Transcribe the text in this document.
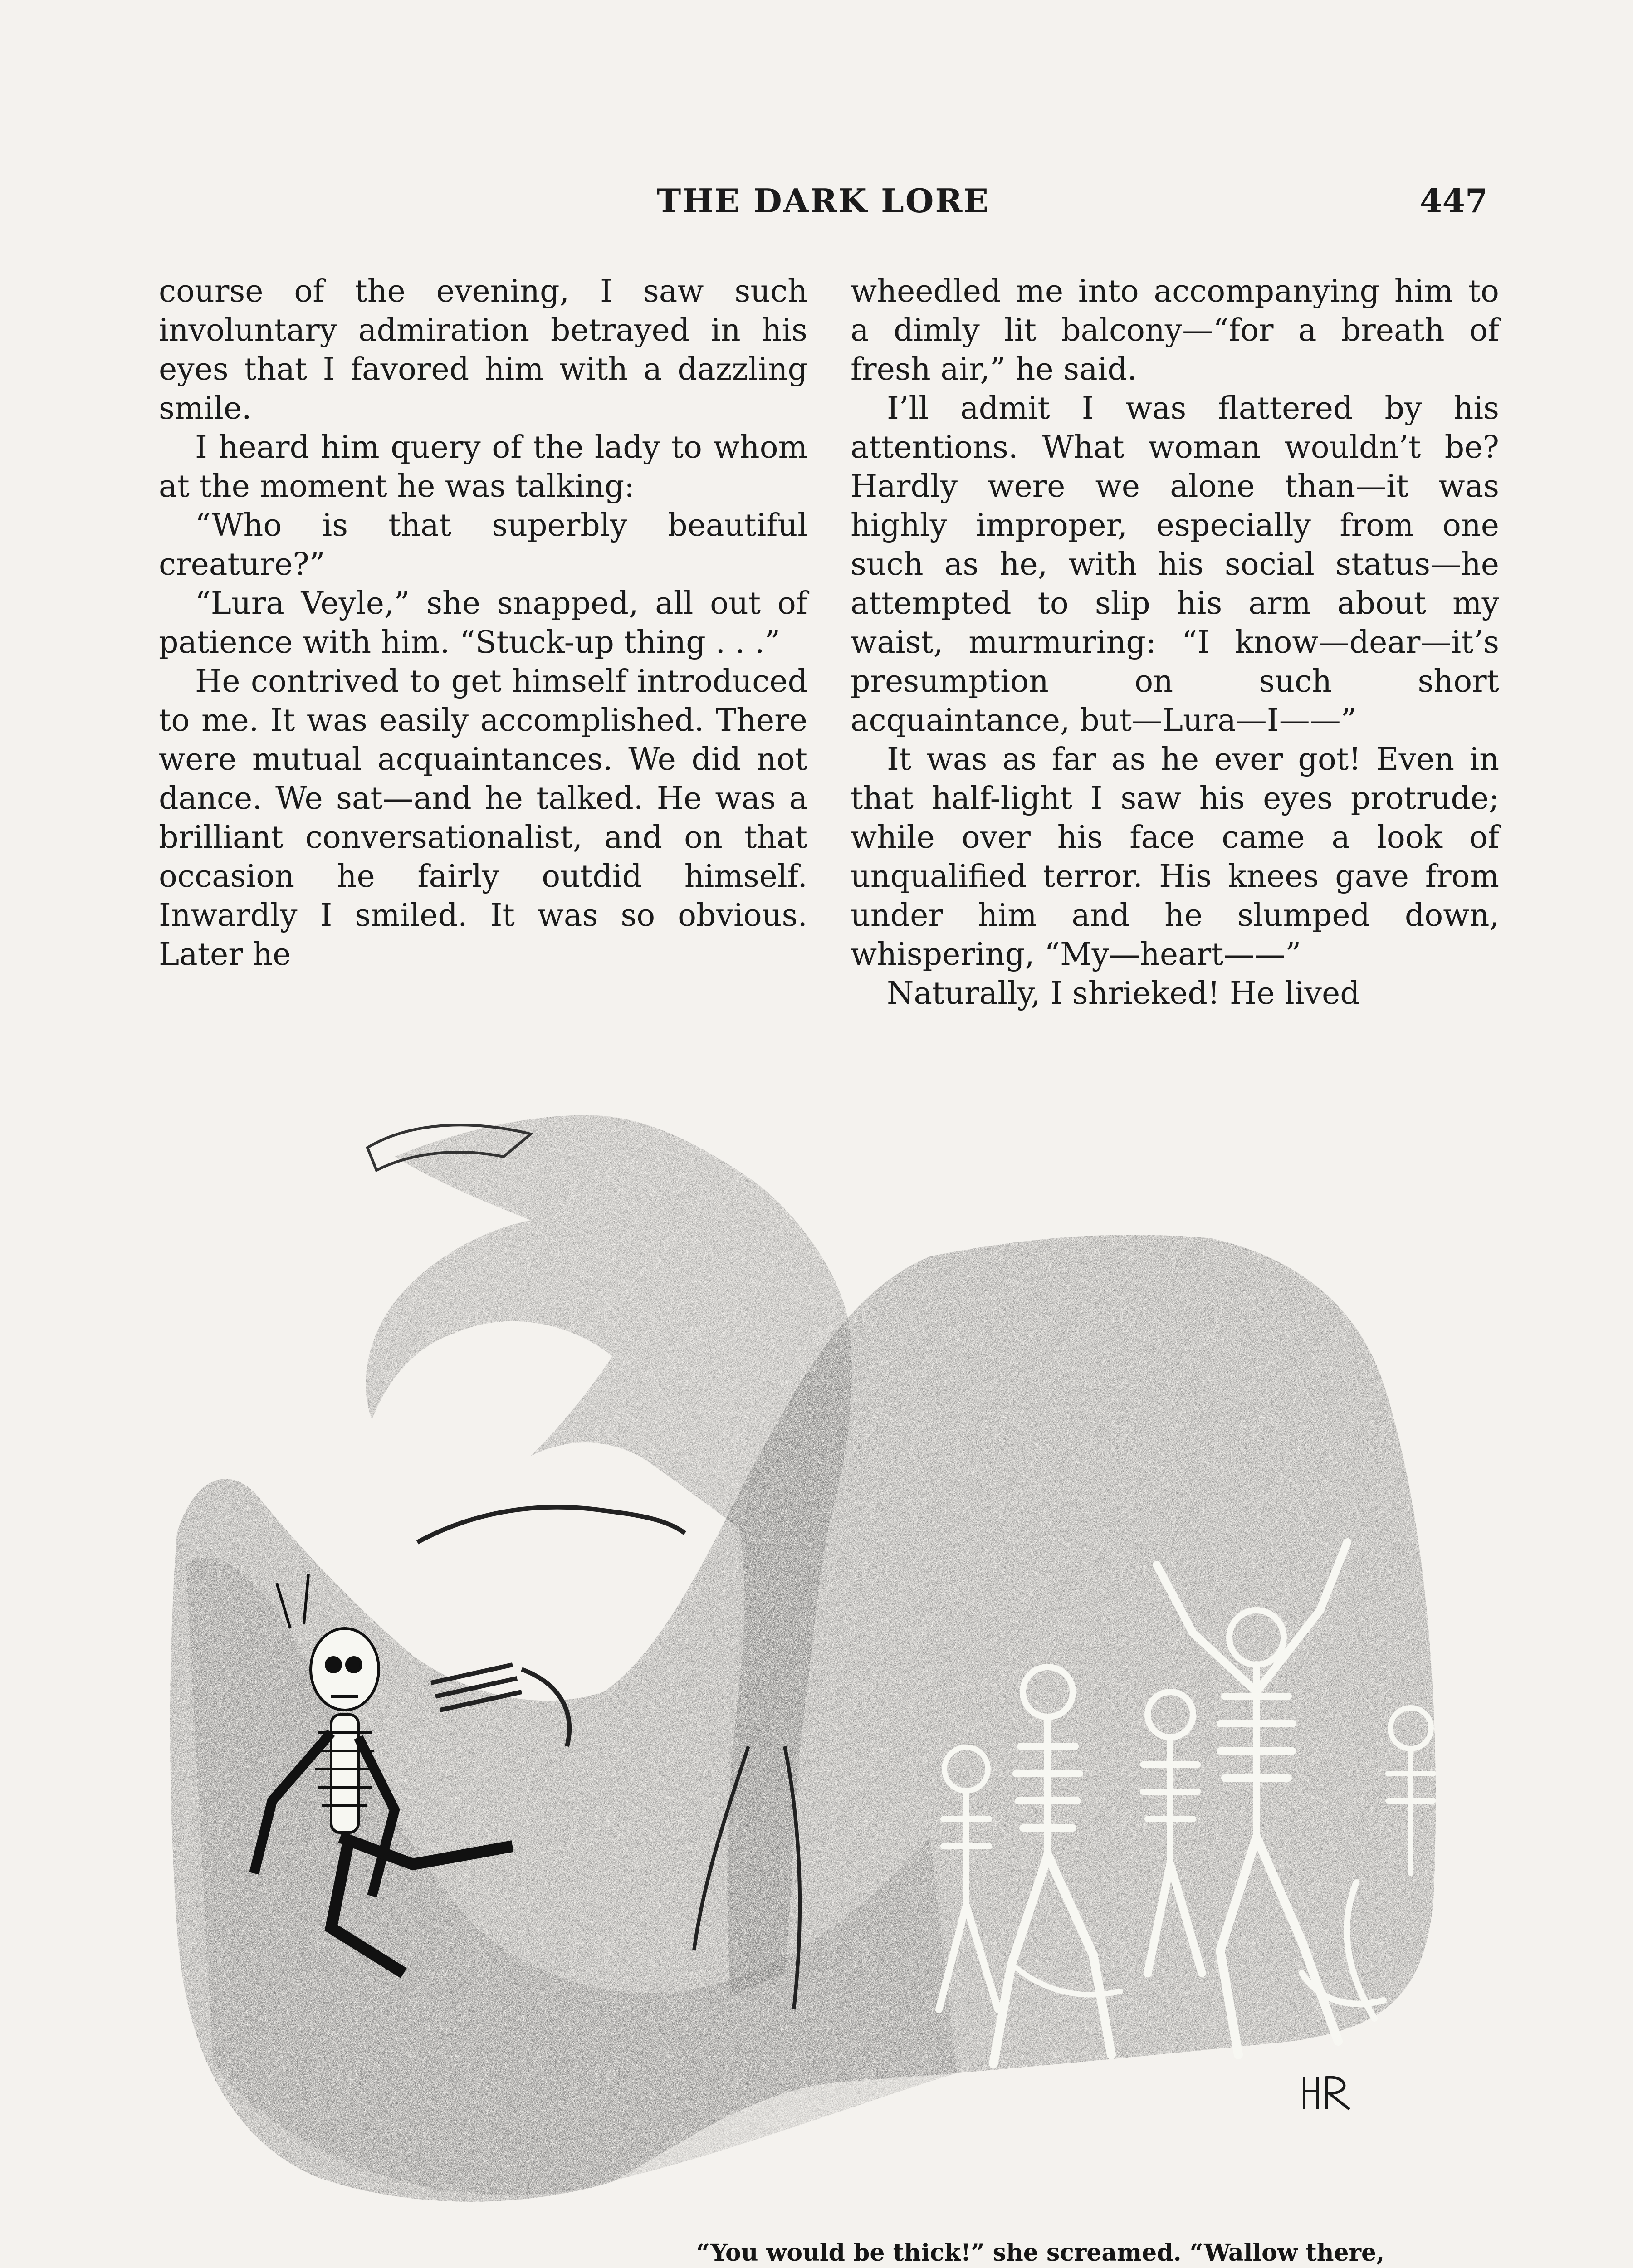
THE DARK LORE	447

course of the evening, I saw such involuntary admiration betrayed in his eyes that I favored him with a dazzling smile.

I heard him query of the lady to whom at the moment he was talking:

“Who is that superbly beautiful creature?”

“Lura Veyle,” she snapped, all out of patience with him. “Stuck-up thing . . .”

He contrived to get himself introduced to me. It was easily accomplished. There were mutual acquaintances. We did not dance. We sat—and he talked. He was a brilliant conversationalist, and on that occasion he fairly outdid himself. Inwardly I smiled. It was so obvious. Later he

wheedled me into accompanying him to a dimly lit balcony—“for a breath of fresh air,” he said.

I’ll admit I was flattered by his attentions. What woman wouldn’t be? Hardly were we alone than—it was highly improper, especially from one such as he, with his social status—he attempted to slip his arm about my waist, murmuring: “I know—dear—it’s presumption on such short acquaintance, but—Lura—I——”

It was as far as he ever got! Even in that half-light I saw his eyes protrude; while over his face came a look of unqualified terror. His knees gave from under him and he slumped down, whispering, “My—heart——”

Naturally, I shrieked! He lived

“You would be thick!” she screamed. “Wallow there,
